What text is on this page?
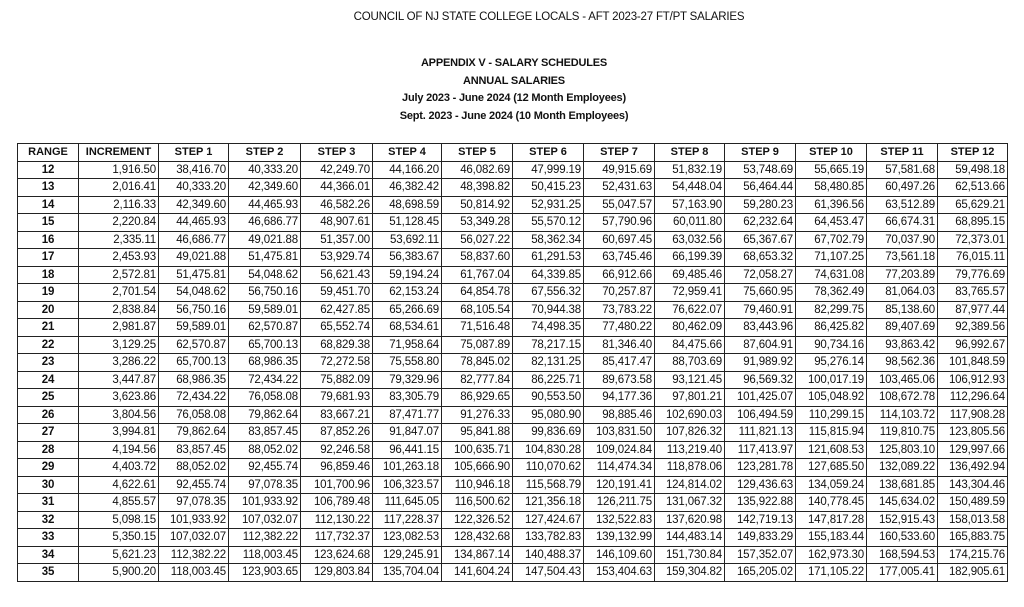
COUNCIL OF NJ STATE COLLEGE LOCALS - AFT 2023-27 FT/PT SALARIES
APPENDIX V - SALARY SCHEDULES
ANNUAL SALARIES
July 2023 - June 2024 (12 Month Employees)
Sept. 2023 - June 2024 (10 Month Employees)
RANGE	INCREMENT	STEP 1	STEP 2	STEP 3	STEP 4	STEP 5	STEP 6	STEP 7	STEP 8	STEP 9	STEP 10	STEP 11	STEP 12
12	1,916.50	38,416.70	40,333.20	42,249.70	44,166.20	46,082.69	47,999.19	49,915.69	51,832.19	53,748.69	55,665.19	57,581.68	59,498.18
13	2,016.41	40,333.20	42,349.60	44,366.01	46,382.42	48,398.82	50,415.23	52,431.63	54,448.04	56,464.44	58,480.85	60,497.26	62,513.66
14	2,116.33	42,349.60	44,465.93	46,582.26	48,698.59	50,814.92	52,931.25	55,047.57	57,163.90	59,280.23	61,396.56	63,512.89	65,629.21
15	2,220.84	44,465.93	46,686.77	48,907.61	51,128.45	53,349.28	55,570.12	57,790.96	60,011.80	62,232.64	64,453.47	66,674.31	68,895.15
16	2,335.11	46,686.77	49,021.88	51,357.00	53,692.11	56,027.22	58,362.34	60,697.45	63,032.56	65,367.67	67,702.79	70,037.90	72,373.01
17	2,453.93	49,021.88	51,475.81	53,929.74	56,383.67	58,837.60	61,291.53	63,745.46	66,199.39	68,653.32	71,107.25	73,561.18	76,015.11
18	2,572.81	51,475.81	54,048.62	56,621.43	59,194.24	61,767.04	64,339.85	66,912.66	69,485.46	72,058.27	74,631.08	77,203.89	79,776.69
19	2,701.54	54,048.62	56,750.16	59,451.70	62,153.24	64,854.78	67,556.32	70,257.87	72,959.41	75,660.95	78,362.49	81,064.03	83,765.57
20	2,838.84	56,750.16	59,589.01	62,427.85	65,266.69	68,105.54	70,944.38	73,783.22	76,622.07	79,460.91	82,299.75	85,138.60	87,977.44
21	2,981.87	59,589.01	62,570.87	65,552.74	68,534.61	71,516.48	74,498.35	77,480.22	80,462.09	83,443.96	86,425.82	89,407.69	92,389.56
22	3,129.25	62,570.87	65,700.13	68,829.38	71,958.64	75,087.89	78,217.15	81,346.40	84,475.66	87,604.91	90,734.16	93,863.42	96,992.67
23	3,286.22	65,700.13	68,986.35	72,272.58	75,558.80	78,845.02	82,131.25	85,417.47	88,703.69	91,989.92	95,276.14	98,562.36	101,848.59
24	3,447.87	68,986.35	72,434.22	75,882.09	79,329.96	82,777.84	86,225.71	89,673.58	93,121.45	96,569.32	100,017.19	103,465.06	106,912.93
25	3,623.86	72,434.22	76,058.08	79,681.93	83,305.79	86,929.65	90,553.50	94,177.36	97,801.21	101,425.07	105,048.92	108,672.78	112,296.64
26	3,804.56	76,058.08	79,862.64	83,667.21	87,471.77	91,276.33	95,080.90	98,885.46	102,690.03	106,494.59	110,299.15	114,103.72	117,908.28
27	3,994.81	79,862.64	83,857.45	87,852.26	91,847.07	95,841.88	99,836.69	103,831.50	107,826.32	111,821.13	115,815.94	119,810.75	123,805.56
28	4,194.56	83,857.45	88,052.02	92,246.58	96,441.15	100,635.71	104,830.28	109,024.84	113,219.40	117,413.97	121,608.53	125,803.10	129,997.66
29	4,403.72	88,052.02	92,455.74	96,859.46	101,263.18	105,666.90	110,070.62	114,474.34	118,878.06	123,281.78	127,685.50	132,089.22	136,492.94
30	4,622.61	92,455.74	97,078.35	101,700.96	106,323.57	110,946.18	115,568.79	120,191.41	124,814.02	129,436.63	134,059.24	138,681.85	143,304.46
31	4,855.57	97,078.35	101,933.92	106,789.48	111,645.05	116,500.62	121,356.18	126,211.75	131,067.32	135,922.88	140,778.45	145,634.02	150,489.59
32	5,098.15	101,933.92	107,032.07	112,130.22	117,228.37	122,326.52	127,424.67	132,522.83	137,620.98	142,719.13	147,817.28	152,915.43	158,013.58
33	5,350.15	107,032.07	112,382.22	117,732.37	123,082.53	128,432.68	133,782.83	139,132.99	144,483.14	149,833.29	155,183.44	160,533.60	165,883.75
34	5,621.23	112,382.22	118,003.45	123,624.68	129,245.91	134,867.14	140,488.37	146,109.60	151,730.84	157,352.07	162,973.30	168,594.53	174,215.76
35	5,900.20	118,003.45	123,903.65	129,803.84	135,704.04	141,604.24	147,504.43	153,404.63	159,304.82	165,205.02	171,105.22	177,005.41	182,905.61
